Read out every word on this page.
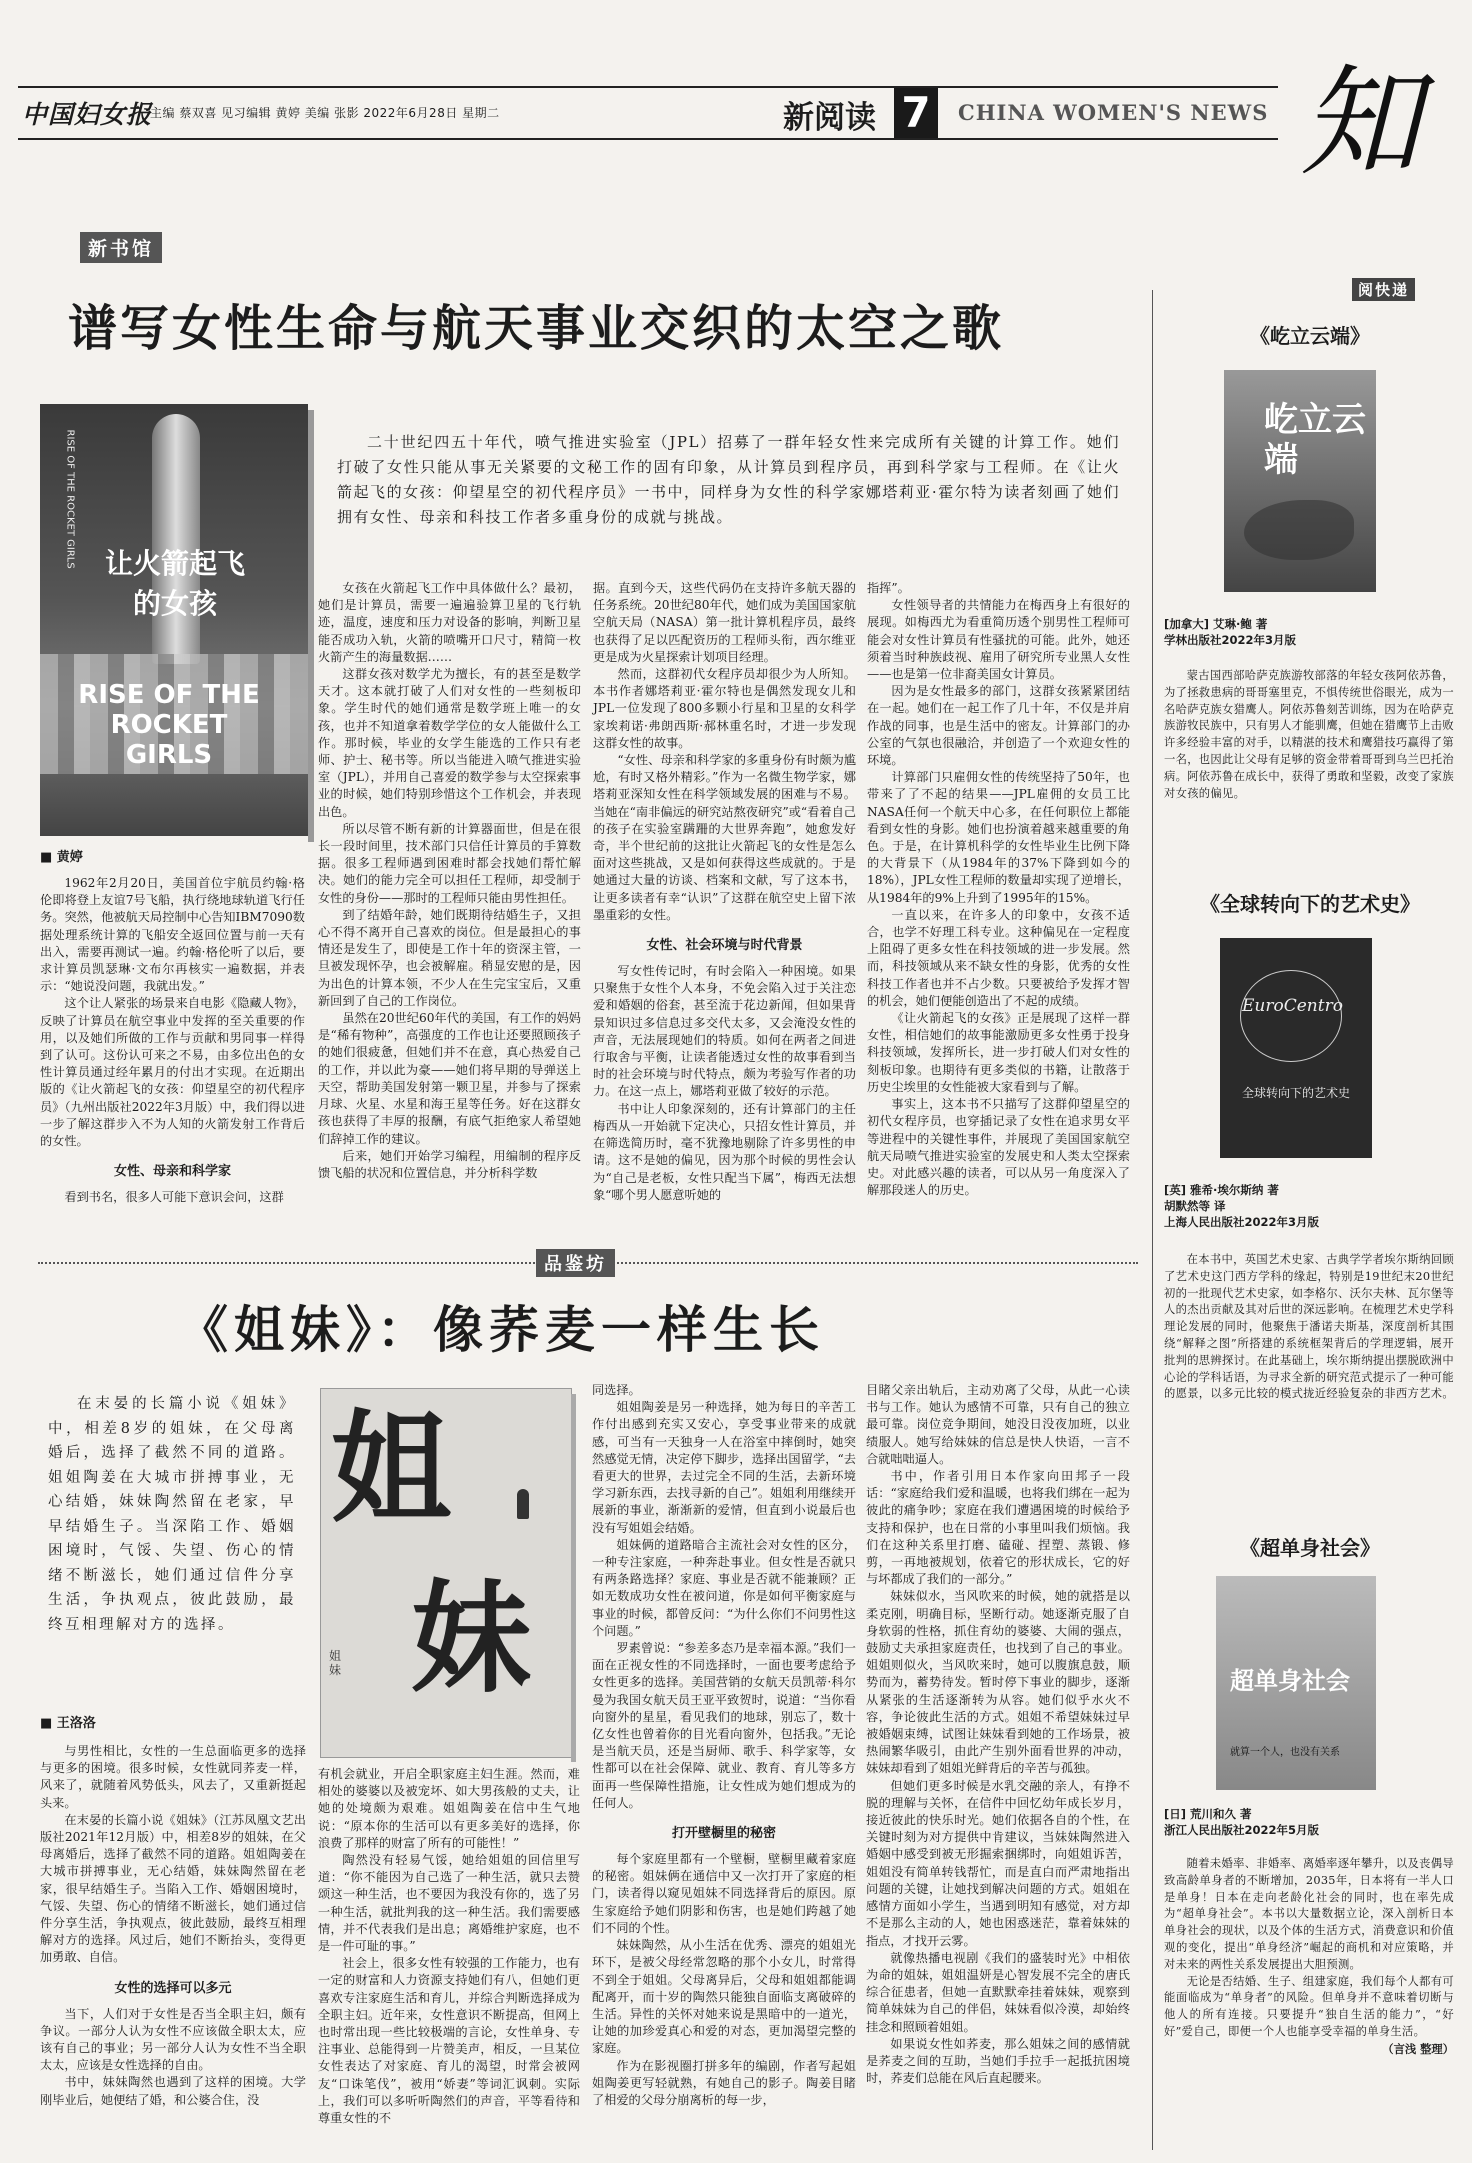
中国妇女报
主编 蔡双喜 见习编辑 黄婷 美编 张影 2022年6月28日 星期二	新阅读 7	CHINA WOMEN'S NEWS 知
新书馆
谱写女性生命与航天事业交织的太空之歌
让火箭起飞的女孩
RISE OF THE ROCKET GIRLS
RISE OF THE ROCKET GIRLS	二十世纪四五十年代，喷气推进实验室（JPL）招募了一群年轻女性来完成所有关键的计算工作。她们打破了女性只能从事无关紧要的文秘工作的固有印象，从计算员到程序员，再到科学家与工程师。在《让火箭起飞的女孩：仰望星空的初代程序员》一书中，同样身为女性的科学家娜塔莉亚·霍尔特为读者刻画了她们拥有女性、母亲和科技工作者多重身份的成就与挑战。

■ 黄婷

1962年2月20日，美国首位宇航员约翰·格伦即将登上友谊7号飞船，执行绕地球轨道飞行任务。突然，他被航天局控制中心告知IBM7090数据处理系统计算的飞船安全返回位置与前一天有出入，需要再测试一遍。约翰·格伦听了以后，要求计算员凯瑟琳·文布尔再核实一遍数据，并表示：“她说没问题，我就出发。”

这个让人紧张的场景来自电影《隐藏人物》，反映了计算员在航空事业中发挥的至关重要的作用，以及她们所做的工作与贡献和男同事一样得到了认可。这份认可来之不易，由多位出色的女性计算员通过经年累月的付出才实现。在近期出版的《让火箭起飞的女孩：仰望星空的初代程序员》（九州出版社2022年3月版）中，我们得以进一步了解这群步入不为人知的火箭发射工作背后的女性。

女性、母亲和科学家

看到书名，很多人可能下意识会问，这群

女孩在火箭起飞工作中具体做什么？最初，她们是计算员，需要一遍遍验算卫星的飞行轨迹，温度，速度和压力对设备的影响，判断卫星能否成功入轨，火箭的喷嘴开口尺寸，精简一枚火箭产生的海量数据……

这群女孩对数学尤为擅长，有的甚至是数学天才。这本就打破了人们对女性的一些刻板印象。学生时代的她们通常是数学班上唯一的女孩，也并不知道拿着数学学位的女人能做什么工作。那时候，毕业的女学生能选的工作只有老师、护士、秘书等。所以当能进入喷气推进实验室（JPL），并用自己喜爱的数学参与太空探索事业的时候，她们特别珍惜这个工作机会，并表现出色。

所以尽管不断有新的计算器面世，但是在很长一段时间里，技术部门只信任计算员的手算数据。很多工程师遇到困难时都会找她们帮忙解决。她们的能力完全可以担任工程师，却受制于女性的身份——那时的工程师只能由男性担任。

到了结婚年龄，她们既期待结婚生子，又担心不得不离开自己喜欢的岗位。但是最担心的事情还是发生了，即使是工作十年的资深主管，一旦被发现怀孕，也会被解雇。稍显安慰的是，因为出色的计算本领，不少人在生完宝宝后，又重新回到了自己的工作岗位。

虽然在20世纪60年代的美国，有工作的妈妈是“稀有物种”，高强度的工作也让还要照顾孩子的她们很疲惫，但她们并不在意，真心热爱自己的工作，并以此为豪——她们将早期的导弹送上天空，帮助美国发射第一颗卫星，并参与了探索月球、火星、水星和海王星等任务。好在这群女孩也获得了丰厚的报酬，有底气拒绝家人希望她们辞掉工作的建议。

后来，她们开始学习编程，用编制的程序反馈飞船的状况和位置信息，并分析科学数

据。直到今天，这些代码仍在支持许多航天器的任务系统。20世纪80年代，她们成为美国国家航空航天局（NASA）第一批计算机程序员，最终也获得了足以匹配资历的工程师头衔，西尔维亚更是成为火星探索计划项目经理。

然而，这群初代女程序员却很少为人所知。本书作者娜塔莉亚·霍尔特也是偶然发现女儿和JPL一位发现了800多颗小行星和卫星的女科学家埃莉诺·弗朗西斯·郝林重名时，才进一步发现这群女性的故事。

“女性、母亲和科学家的多重身份有时颇为尴尬，有时又格外精彩。”作为一名微生物学家，娜塔莉亚深知女性在科学领域发展的困难与不易。当她在“南非偏远的研究站熬夜研究”或“看着自己的孩子在实验室蹒跚的大世界奔跑”，她愈发好奇，半个世纪前的这批让火箭起飞的女性是怎么面对这些挑战，又是如何获得这些成就的。于是她通过大量的访谈、档案和文献，写了这本书，让更多读者有幸“认识”了这群在航空史上留下浓墨重彩的女性。

女性、社会环境与时代背景

写女性传记时，有时会陷入一种困境。如果只聚焦于女性个人本身，不免会陷入过于关注恋爱和婚姻的俗套，甚至流于花边新闻，但如果背景知识过多信息过多交代太多，又会淹没女性的声音，无法展现她们的特质。如何在两者之间进行取舍与平衡，让读者能透过女性的故事看到当时的社会环境与时代特点，颇为考验写作者的功力。在这一点上，娜塔莉亚做了较好的示范。

书中让人印象深刻的，还有计算部门的主任梅西从一开始就下定决心，只招女性计算员，并在筛选简历时，毫不犹豫地剔除了许多男性的申请。这不是她的偏见，因为那个时候的男性会认为“自己是老板，女性只配当下属”，梅西无法想象“哪个男人愿意听她的

指挥”。

女性领导者的共情能力在梅西身上有很好的展现。如梅西尤为看重简历透个别男性工程师可能会对女性计算员有性骚扰的可能。此外，她还须着当时种族歧视、雇用了研究所专业黑人女性——也是第一位非裔美国女计算员。

因为是女性最多的部门，这群女孩紧紧团结在一起。她们在一起工作了几十年，不仅是并肩作战的同事，也是生活中的密友。计算部门的办公室的气氛也很融洽，并创造了一个欢迎女性的环境。

计算部门只雇佣女性的传统坚持了50年，也带来了了不起的结果——JPL雇佣的女员工比NASA任何一个航天中心多，在任何职位上都能看到女性的身影。她们也扮演着越来越重要的角色。于是，在计算机科学的女性毕业生比例下降的大背景下（从1984年的37%下降到如今的18%），JPL女性工程师的数量却实现了逆增长，从1984年的9%上升到了1995年的15%。

一直以来，在许多人的印象中，女孩不适合，也学不好理工科专业。这种偏见在一定程度上阻碍了更多女性在科技领域的进一步发展。然而，科技领域从来不缺女性的身影，优秀的女性科技工作者也并不占少数。只要被给予发挥才智的机会，她们便能创造出了不起的成绩。

《让火箭起飞的女孩》正是展现了这样一群女性，相信她们的故事能激励更多女性勇于投身科技领域，发挥所长，进一步打破人们对女性的刻板印象。也期待有更多类似的书籍，让散落于历史尘埃里的女性能被大家看到与了解。

事实上，这本书不只描写了这群仰望星空的初代女程序员，也穿插记录了女性在追求男女平等进程中的关键性事件，并展现了美国国家航空航天局喷气推进实验室的发展史和人类太空探索史。对此感兴趣的读者，可以从另一角度深入了解那段迷人的历史。

品鉴坊
《姐妹》：像荞麦一样生长

在末晏的长篇小说《姐妹》中，相差8岁的姐妹，在父母离婚后，选择了截然不同的道路。姐姐陶姜在大城市拼搏事业，无心结婚，妹妹陶然留在老家，早早结婚生子。当深陷工作、婚姻困境时，气馁、失望、伤心的情绪不断滋长，她们通过信件分享生活，争执观点，彼此鼓励，最终互相理解对方的选择。

姐
妹
姐妹
■ 王洛洛

与男性相比，女性的一生总面临更多的选择与更多的困境。很多时候，女性就同荞麦一样，风来了，就随着风势低头，风去了，又重新挺起头来。

在末晏的长篇小说《姐妹》（江苏凤凰文艺出版社2021年12月版）中，相差8岁的姐妹，在父母离婚后，选择了截然不同的道路。姐姐陶姜在大城市拼搏事业，无心结婚，妹妹陶然留在老家，很早结婚生子。当陷入工作、婚姻困境时，气馁、失望、伤心的情绪不断滋长，她们通过信件分享生活，争执观点，彼此鼓励，最终互相理解对方的选择。风过后，她们不断抬头，变得更加勇敢、自信。

女性的选择可以多元

当下，人们对于女性是否当全职主妇，颇有争议。一部分人认为女性不应该做全职太太，应该有自己的事业；另一部分人认为女性不当全职太太，应该是女性选择的自由。

书中，妹妹陶然也遇到了这样的困境。大学刚毕业后，她便结了婚，和公婆合住，没

有机会就业，开启全职家庭主妇生涯。然而，难相处的婆婆以及被宠坏、如大男孩般的丈夫，让她的处境颇为艰难。姐姐陶姜在信中生气地说：“原本你的生活可以有更多美好的选择，你浪费了那样的财富了所有的可能性！”

陶然没有轻易气馁，她给姐姐的回信里写道：“你不能因为自己选了一种生活，就只去赞颂这一种生活，也不要因为我没有你的，选了另一种生活，就批判我的这一种生活。我们需要感情，并不代表我们是出息；离婚维护家庭，也不是一件可耻的事。”

社会上，很多女性有较强的工作能力，也有一定的财富和人力资源支持她们有八，但她们更喜欢专注家庭生活和育儿，并综合判断选择成为全职主妇。近年来，女性意识不断提高，但网上也时常出现一些比较极端的言论，女性单身、专注事业、总能得到一片赞美声，相反，一旦某位女性表达了对家庭、育儿的渴望，时常会被网友“口诛笔伐”，被用“娇妻”等词汇讽刺。实际上，我们可以多听听陶然们的声音，平等看待和尊重女性的不

同选择。

姐姐陶姜是另一种选择，她为每日的辛苦工作付出感到充实又安心，享受事业带来的成就感，可当有一天独身一人在浴室中摔倒时，她突然感觉无情，决定停下脚步，选择出国留学，“去看更大的世界，去过完全不同的生活，去新环境学习新东西，去找寻新的自己”。姐姐利用继续开展新的事业，渐渐新的爱情，但直到小说最后也没有写姐姐会结婚。

姐妹俩的道路暗合主流社会对女性的区分，一种专注家庭，一种奔赴事业。但女性是否就只有两条路选择？家庭、事业是否就不能兼顾？正如无数成功女性在被问道，你是如何平衡家庭与事业的时候，都曾反问：“为什么你们不问男性这个问题。”

罗素曾说：“参差多态乃是幸福本源。”我们一面在正视女性的不同选择时，一面也要考虑给予女性更多的选择。美国营销的女航天员凯蒂·科尔曼为我国女航天员王亚平致贺时，说道：“当你看向窗外的星星，看见我们的地球，别忘了，数十亿女性也曾着你的目光看向窗外，包括我。”无论是当航天员，还是当厨师、歌手、科学家等，女性都可以在社会保障、就业、教育、育儿等多方面再一些保障性措施，让女性成为她们想成为的任何人。

打开壁橱里的秘密

每个家庭里都有一个壁橱，壁橱里藏着家庭的秘密。姐妹俩在通信中又一次打开了家庭的柜门，读者得以窥见姐妹不同选择背后的原因。原生家庭给予她们阴影和伤害，也是她们跨越了她们不同的个性。

妹妹陶然，从小生活在优秀、漂亮的姐姐光环下，是被父母经常忽略的那个小女儿，时常得不到全于姐姐。父母离异后，父母和姐姐都能调配离开，而十岁的陶然只能独自面临支离破碎的生活。异性的关怀对她来说是黑暗中的一道光，让她的加珍爱真心和爱的对态，更加渴望完整的家庭。

作为在影视圈打拼多年的编剧，作者写起姐姐陶姜更写轻就熟，有她自己的影子。陶姜目睹了相爱的父母分崩离析的每一步，

目睹父亲出轨后，主动劝离了父母，从此一心读书与工作。她认为感情不可靠，只有自己的独立最可靠。岗位竞争期间，她没日没夜加班，以业绩服人。她写给妹妹的信总是快人快语，一言不合就咄咄逼人。

书中，作者引用日本作家向田邦子一段话：“家庭给我们爱和温暖，也将我们绑在一起为彼此的痛争吵；家庭在我们遭遇困境的时候给予支持和保护，也在日常的小事里叫我们烦恼。我们在这种关系里打磨、磕碰、捏塑、蒸锻、修剪，一再地被规划，依着它的形状成长，它的好与坏都成了我们的一部分。”

妹妹似水，当风吹来的时候，她的就搭是以柔克刚，明确目标，坚断行动。她逐渐克服了自身软弱的性格，抓住育幼的婆婆、大闹的强点，鼓励丈夫承担家庭责任，也找到了自己的事业。姐姐则似火，当风吹来时，她可以腹旗息鼓，顺势而为，蓄势待发。暂时停下事业的脚步，逐渐从紧张的生活逐渐转为从容。她们似乎水火不容，争论彼此生活的方式。姐姐不希望妹妹过早被婚姻束缚，试图让妹妹看到她的工作场景，被热闹繁华吸引，由此产生别外面看世界的冲动，妹妹却看到了姐姐光鲜背后的辛苦与孤独。

但她们更多时候是水乳交融的亲人，有挣不脱的理解与关怀，在信件中回忆幼年成长岁月，接近彼此的快乐时光。她们依据各自的个性，在关键时刻为对方提供中肯建议，当妹妹陶然进入婚姻中感受到被无形掘索捆绑时，向姐姐诉苦，姐姐没有简单转钱帮忙，而是直白而严肃地指出问题的关键，让她找到解决问题的方式。姐姐在感情方面如小学生，当遇到明知有感觉，对方却不是那么主动的人，她也困惑迷茫，靠着妹妹的指点，才找开云雾。

就像热播电视剧《我们的盛装时光》中相依为命的姐妹，姐姐温妍是心智发展不完全的唐氏综合征患者，但她一直默默牵挂着妹妹，观察到简单妹妹为自己的伴侣，妹妹看似冷漠，却始终挂念和照顾着姐姐。

如果说女性如荞麦，那么姐妹之间的感情就是荞麦之间的互助，当她们手拉手一起抵抗困境时，荞麦们总能在风后直起腰来。

阅快递
《屹立云端》
屹立云端
[加拿大] 艾琳·鲍 著
学林出版社2022年3月版

蒙古国西部哈萨克族游牧部落的年轻女孩阿依苏鲁，为了拯救患病的哥哥塞里克，不惧传统世俗眼光，成为一名哈萨克族女猎鹰人。阿依苏鲁刻苦训练，因为在哈萨克族游牧民族中，只有男人才能驯鹰，但她在猎鹰节上击败许多经验丰富的对手，以精湛的技术和鹰猎技巧赢得了第一名，也因此让父母有足够的资金带着哥哥到乌兰巴托治病。阿依苏鲁在成长中，获得了勇敢和坚毅，改变了家族对女孩的偏见。

《全球转向下的艺术史》
EuroCentro
全球转向下的艺术史
[英] 雅希·埃尔斯纳 著
胡默然等 译
上海人民出版社2022年3月版

在本书中，英国艺术史家、古典学学者埃尔斯纳回顾了艺术史这门西方学科的缘起，特别是19世纪末20世纪初的一批现代艺术史家，如李格尔、沃尔夫林、瓦尔堡等人的杰出贡献及其对后世的深远影响。在梳理艺术史学科理论发展的同时，他聚焦于潘诺夫斯基，深度剖析其围绕“解释之图”所搭建的系统框架背后的学理逻辑，展开批判的思辨探讨。在此基础上，埃尔斯纳提出摆脱欧洲中心论的学科话语，为寻求全新的研究范式提示了一种可能的愿景，以多元比较的模式拢近经验复杂的非西方艺术。

《超单身社会》
超单身社会
就算一个人，也没有关系
[日] 荒川和久 著
浙江人民出版社2022年5月版

随着未婚率、非婚率、离婚率逐年攀升，以及丧偶导致高龄单身者的不断增加，2035年，日本将有一半人口是单身！日本在走向老龄化社会的同时，也在率先成为“超单身社会”。本书以大量数据立论，深入剖析日本单身社会的现状，以及个体的生活方式，消费意识和价值观的变化，提出“单身经济”崛起的商机和对应策略，并对未来的两性关系发展提出大胆预测。

无论是否结婚、生子、组建家庭，我们每个人都有可能面临成为“单身者”的风险。但单身并不意味着切断与他人的所有连接。只要提升“独自生活的能力”，“好好”爱自己，即便一个人也能享受幸福的单身生活。

（言浅 整理）
